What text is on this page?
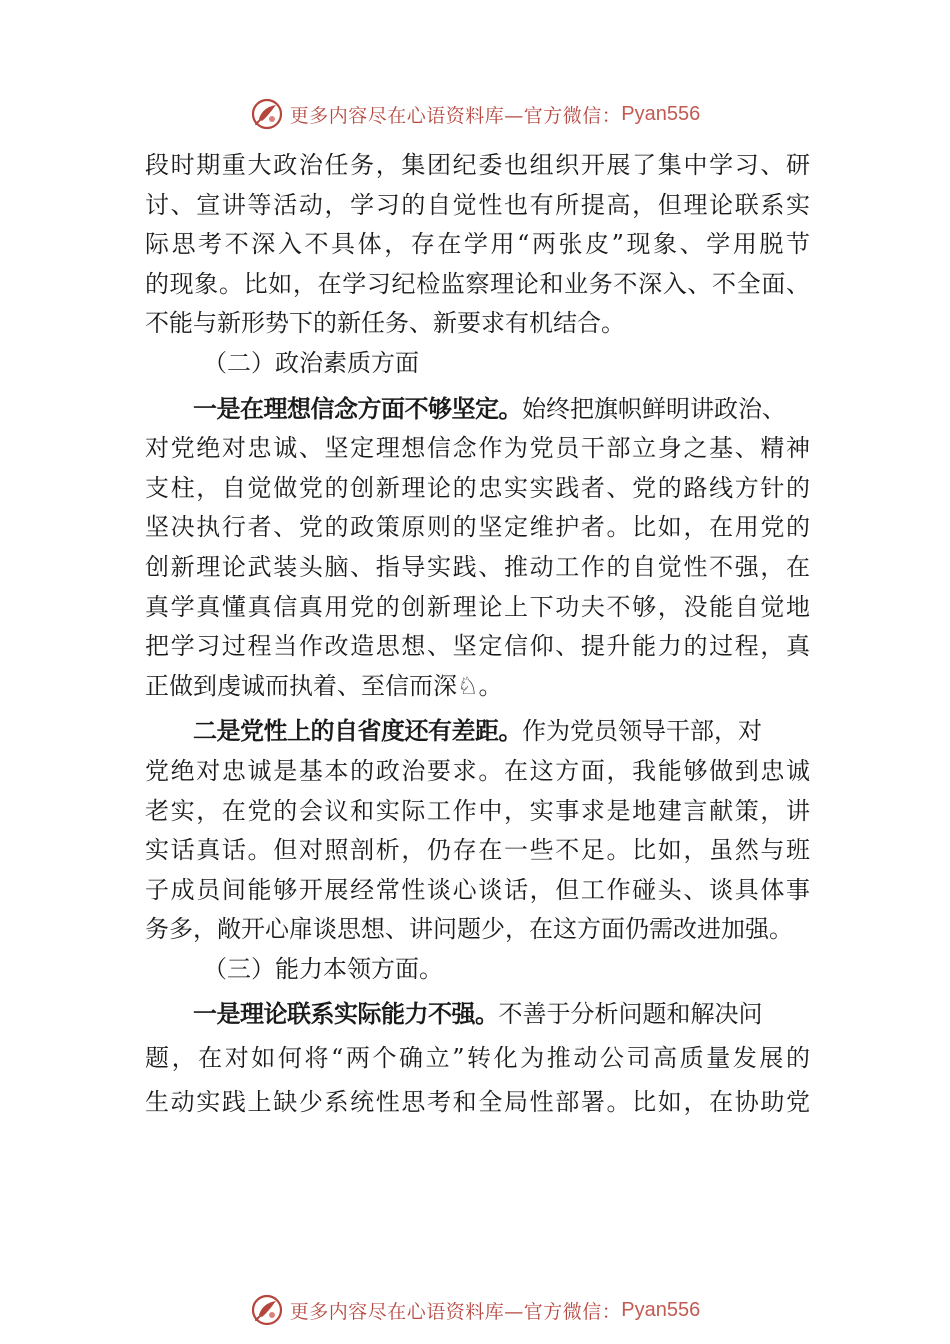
更多内容尽在心语资料库—官方微信： Pyan556
段时期重大政治任务，集团纪委也组织开展了集中学习、研
讨、宣讲等活动，学习的自觉性也有所提高，但理论联系实
际思考不深入不具体，存在学用“两张皮”现象、学用脱节
的现象。比如，在学习纪检监察理论和业务不深入、不全面、
不能与新形势下的新任务、新要求有机结合。
（二）政治素质方面
一是在理想信念方面不够坚定。始终把旗帜鲜明讲政治、
对党绝对忠诚、坚定理想信念作为党员干部立身之基、精神
支柱，自觉做党的创新理论的忠实实践者、党的路线方针的
坚决执行者、党的政策原则的坚定维护者。比如，在用党的
创新理论武装头脑、指导实践、推动工作的自觉性不强，在
真学真懂真信真用党的创新理论上下功夫不够，没能自觉地
把学习过程当作改造思想、坚定信仰、提升能力的过程，真
正做到虔诚而执着、至信而深♘。
二是党性上的自省度还有差距。作为党员领导干部，对
党绝对忠诚是基本的政治要求。在这方面，我能够做到忠诚
老实，在党的会议和实际工作中，实事求是地建言献策，讲
实话真话。但对照剖析，仍存在一些不足。比如，虽然与班
子成员间能够开展经常性谈心谈话，但工作碰头、谈具体事
务多，敞开心扉谈思想、讲问题少，在这方面仍需改进加强。
（三）能力本领方面。
一是理论联系实际能力不强。不善于分析问题和解决问
题，在对如何将“两个确立”转化为推动公司高质量发展的
生动实践上缺少系统性思考和全局性部署。比如，在协助党
更多内容尽在心语资料库—官方微信： Pyan556
